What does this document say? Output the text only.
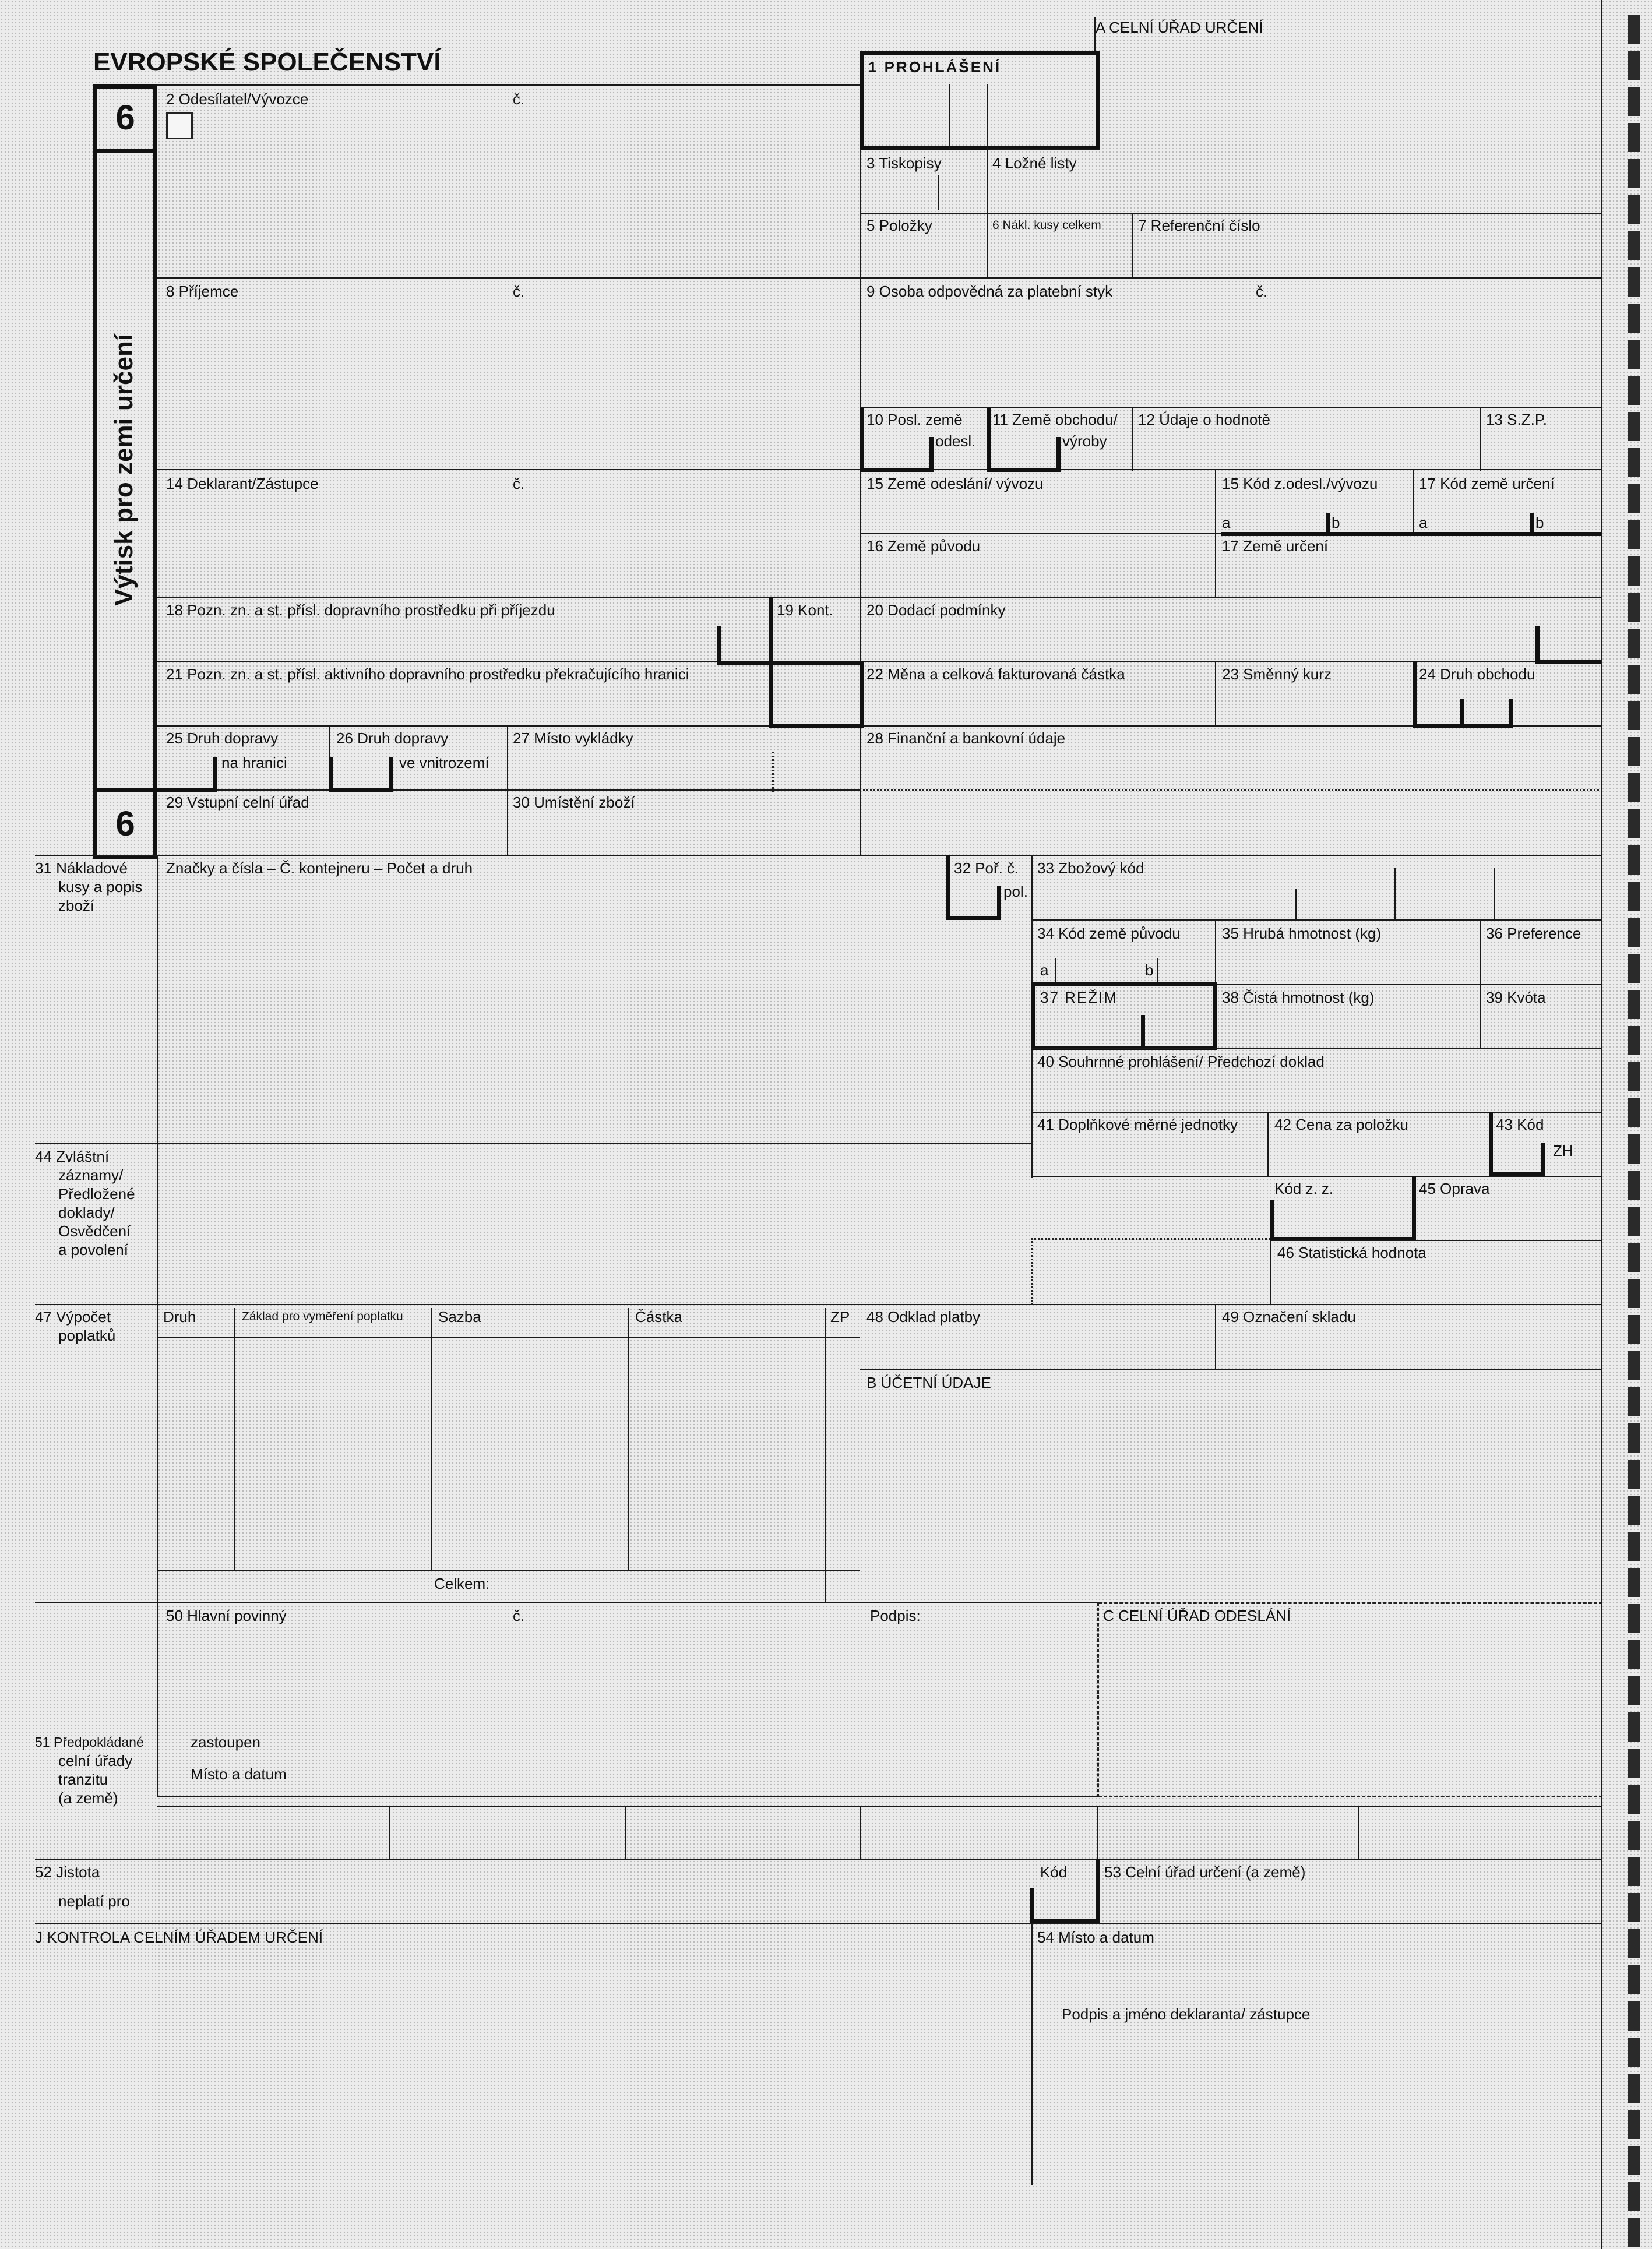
A CELNÍ ÚŘAD URČENÍ
EVROPSKÉ SPOLEČENSTVÍ	1 PROHLÁŠENÍ
6
6
Výtisk pro zemi určení
2 Odesílatel/Vývozce	č.
3 Tiskopisy	4 Ložné listy
5 Položky	6 Nákl. kusy celkem 7 Referenční číslo
8 Příjemce	č.	9 Osoba odpovědná za platební styk	č.
10 Posl. země
odesl.
11 Země obchodu/
výroby
12 Údaje o hodnotě	13 S.Z.P.
14 Deklarant/Zástupce	č.	15 Země odeslání/ vývozu	15 Kód z.odesl./vývozu	17 Kód země určení
a	b	a	b
16 Země původu	17 Země určení
18 Pozn. zn. a st. přísl. dopravního prostředku při příjezdu	19 Kont. 20 Dodací podmínky
21 Pozn. zn. a st. přísl. aktivního dopravního prostředku překračujícího hranici	22 Měna a celková fakturovaná částka	23 Směnný kurz	24 Druh obchodu
25 Druh dopravy
na hranici
26 Druh dopravy
ve vnitrozemí
27 Místo vykládky	28 Finanční a bankovní údaje
29 Vstupní celní úřad	30 Umístění zboží
31 Nákladové
kusy a popis
zboží
Značky a čísla – Č. kontejneru – Počet a druh	32 Poř. č.
pol.
33 Zbožový kód
34 Kód země původu
a	b
35 Hrubá hmotnost (kg)	36 Preference
37 REŽIM	38 Čistá hmotnost (kg)	39 Kvóta
40 Souhrnné prohlášení/ Předchozí doklad
41 Doplňkové měrné jednotky 42 Cena za položku	43 Kód
ZH
44 Zvláštní
záznamy/
Předložené
doklady/
Osvědčení
a povolení
Kód z. z.	45 Oprava
46 Statistická hodnota
47 Výpočet
poplatků
Druh	Základ pro vyměření poplatku Sazba	Částka	ZP
Celkem:
48 Odklad platby	49 Označení skladu
B ÚČETNÍ ÚDAJE
50 Hlavní povinný	č.	Podpis:	C CELNÍ ÚŘAD ODESLÁNÍ
51 Předpokládané
celní úřady
tranzitu
(a země)
zastoupen
Místo a datum
52 Jistota
neplatí pro
Kód 53 Celní úřad určení (a země)
J KONTROLA CELNÍM ÚŘADEM URČENÍ	54 Místo a datum
Podpis a jméno deklaranta/ zástupce
